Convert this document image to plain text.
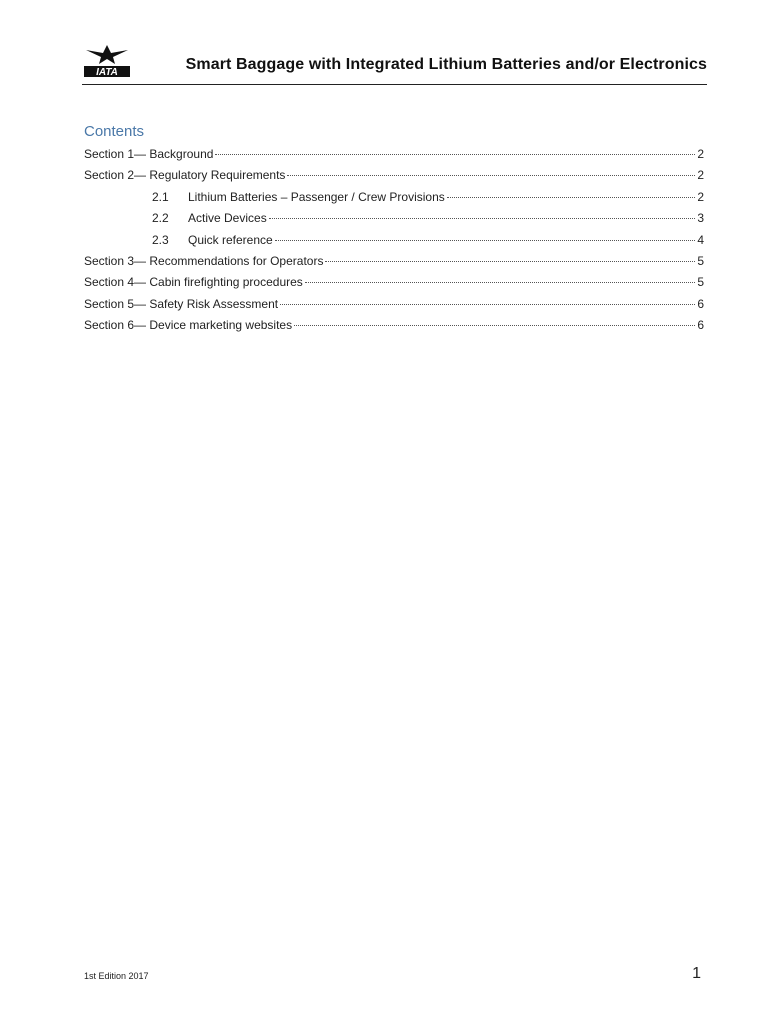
IATA	Smart Baggage with Integrated Lithium Batteries and/or Electronics
Contents
Section 1— Background	2
Section 2— Regulatory Requirements	2
2.1	Lithium Batteries – Passenger / Crew Provisions	2
2.2	Active Devices	3
2.3	Quick reference	4
Section 3— Recommendations for Operators	5
Section 4— Cabin firefighting procedures	5
Section 5— Safety Risk Assessment	6
Section 6— Device marketing websites	6
1st Edition 2017	1
